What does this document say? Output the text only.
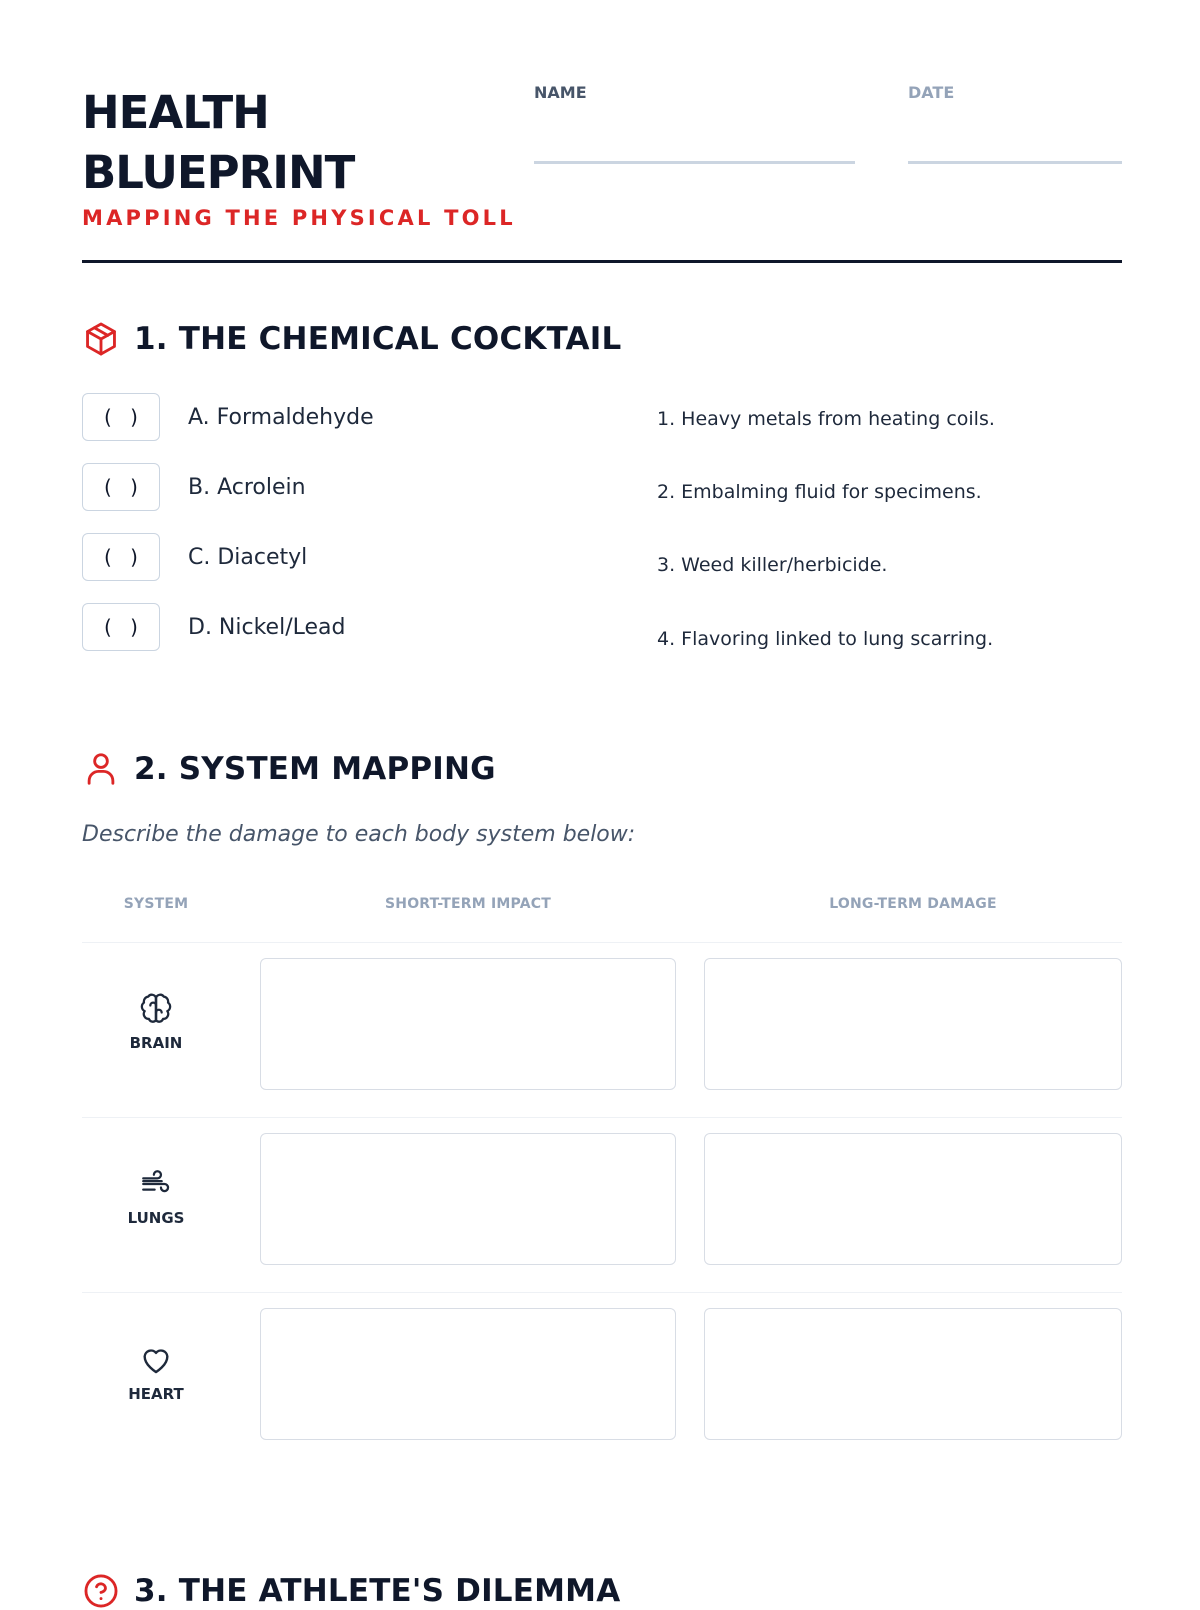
HEALTH
BLUEPRINT
MAPPING THE PHYSICAL TOLL
NAME	DATE
1. THE CHEMICAL COCKTAIL
( )	A. Formaldehyde
( )	B. Acrolein
( )	C. Diacetyl
( )	D. Nickel/Lead
1. Heavy metals from heating coils.
2. Embalming fluid for specimens.
3. Weed killer/herbicide.
4. Flavoring linked to lung scarring.
2. SYSTEM MAPPING
Describe the damage to each body system below:
SYSTEM	SHORT-TERM IMPACT	LONG-TERM DAMAGE
BRAIN
LUNGS
HEART
3. THE ATHLETE'S DILEMMA
